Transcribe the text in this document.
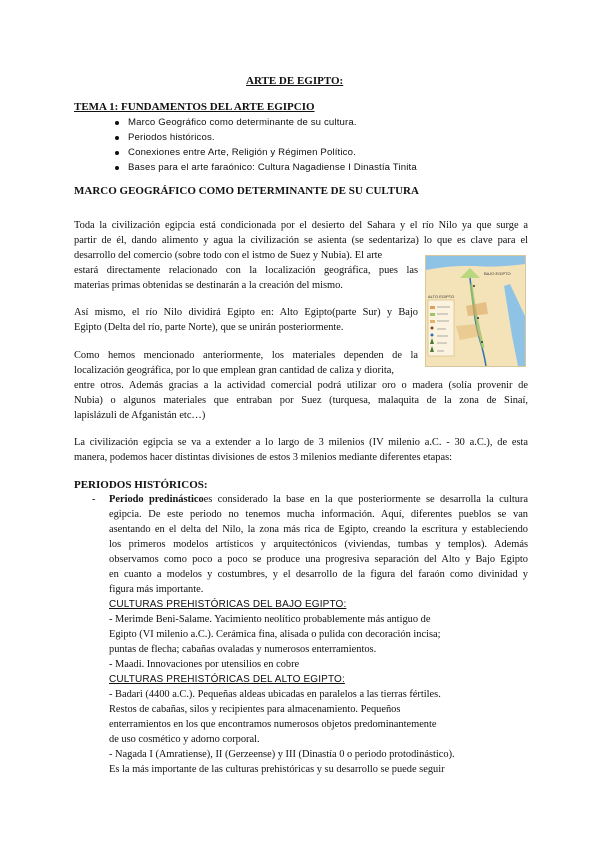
ARTE DE EGIPTO:
TEMA 1: FUNDAMENTOS DEL ARTE EGIPCIO
Marco Geográfico como determinante de su cultura.
Periodos históricos.
Conexiones entre Arte, Religión y Régimen Político.
Bases para el arte faraónico: Cultura Nagadiense I Dinastía Tinita
MARCO GEOGRÁFICO COMO DETERMINANTE DE SU CULTURA
Toda la civilización egipcia está condicionada por el desierto del Sahara y el río Nilo ya que surge a
partir de él, dando alimento y agua la civilización se asienta (se sedentariza) lo que es clave para el
desarrollo del comercio (sobre todo con el istmo de Suez y Nubia). El arte
estará directamente relacionado con la localización geográfica, pues las
materias primas obtenidas se destinarán a la creación del mismo.
Así mismo, el río Nilo dividirá Egipto en: Alto Egipto(parte Sur) y Bajo
Egipto (Delta del río, parte Norte), que se unirán posteriormente.
Como hemos mencionado anteriormente, los materiales dependen de la
localización geográfica, por lo que emplean gran cantidad de caliza y diorita,
entre otros. Además gracias a la actividad comercial podrá utilizar oro o madera (solía provenir de
Nubia) o algunos materiales que entraban por Suez (turquesa, malaquita de la zona de Sinaí,
lapislázuli de Afganistán etc…)
La civilización egipcia se va a extender a lo largo de 3 milenios (IV milenio a.C. - 30 a.C.), de esta
manera, podemos hacer distintas divisiones de estos 3 milenios mediante diferentes etapas:
PERIODOS HISTÓRICOS:
- Periodo predinásticoes considerado la base en la que posteriormente se desarrolla la cultura
egipcia. De este periodo no tenemos mucha información. Aquí, diferentes pueblos se van
asentando en el delta del Nilo, la zona más rica de Egipto, creando la escritura y estableciendo
los primeros modelos artísticos y arquitectónicos (viviendas, tumbas y templos). Además
observamos como poco a poco se produce una progresiva separación del Alto y Bajo Egipto
en cuanto a modelos y costumbres, y el desarrollo de la figura del faraón como divinidad y
figura más importante.
CULTURAS PREHISTÓRICAS DEL BAJO EGIPTO:
- Merimde Beni-Salame. Yacimiento neolítico probablemente más antiguo de
Egipto (VI milenio a.C.). Cerámica fina, alisada o pulida con decoración incisa;
puntas de flecha; cabañas ovaladas y numerosos enterramientos.
- Maadi. Innovaciones por utensilios en cobre
CULTURAS PREHISTÓRICAS DEL ALTO EGIPTO:
- Badari (4400 a.C.). Pequeñas aldeas ubicadas en paralelos a las tierras fértiles.
Restos de cabañas, silos y recipientes para almacenamiento. Pequeños
enterramientos en los que encontramos numerosos objetos predominantemente
de uso cosmético y adorno corporal.
- Nagada I (Amratiense), II (Gerzeense) y III (Dinastía 0 o periodo protodinástico).
Es la más importante de las culturas prehistóricas y su desarrollo se puede seguir
BAJO EGIPTO
ALTO EGIPTO
